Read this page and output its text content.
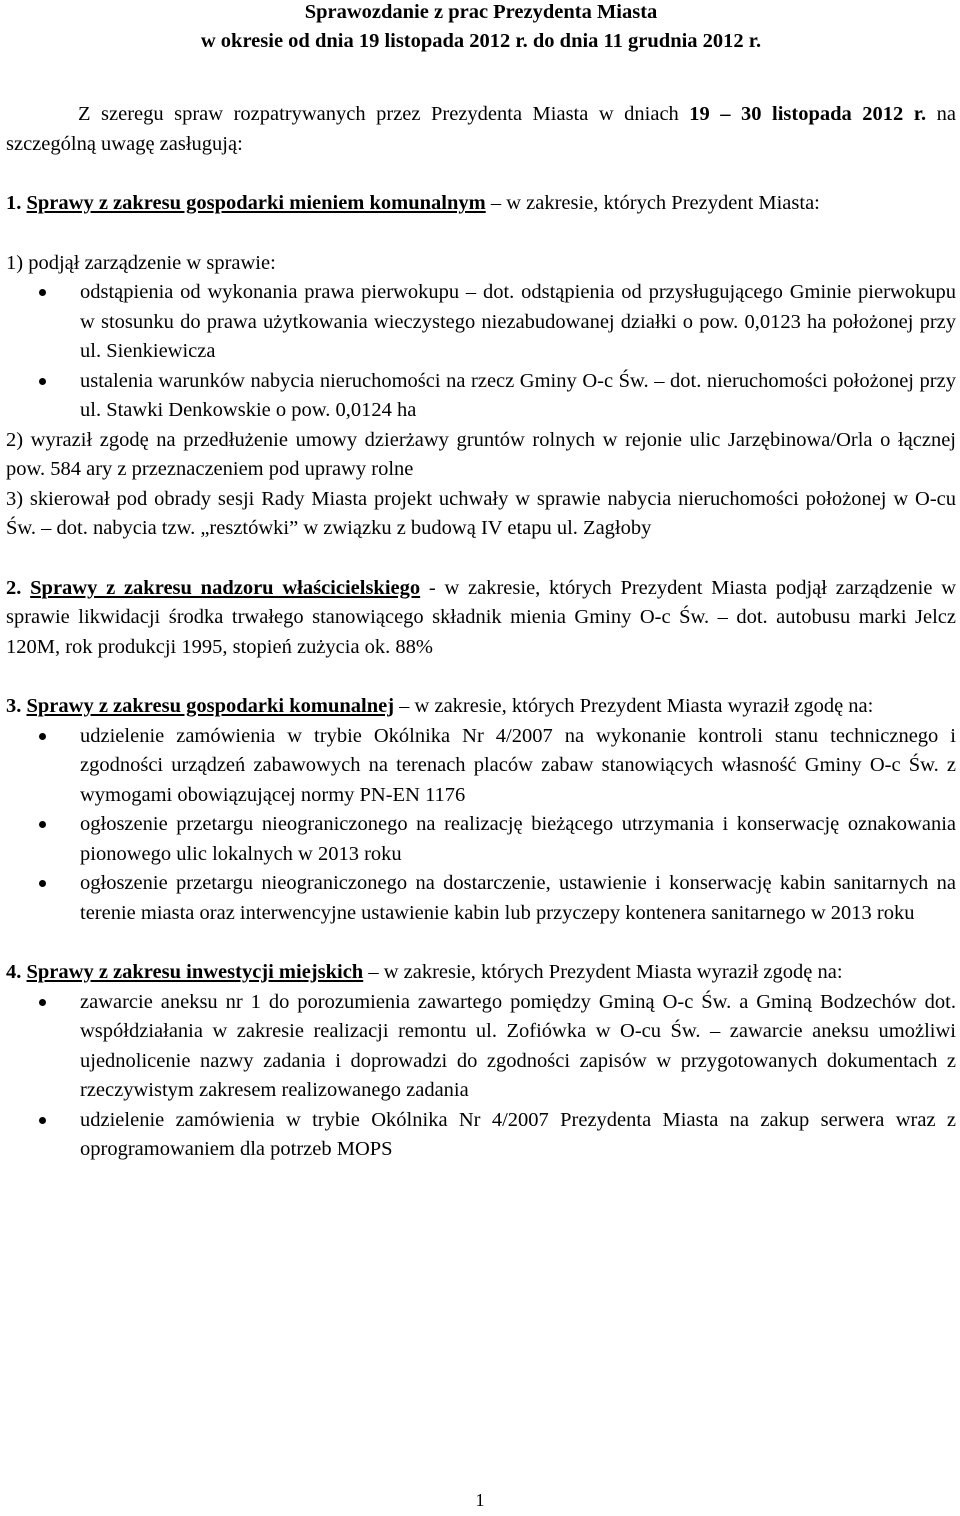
Sprawozdanie z prac Prezydenta Miasta
w okresie od dnia 19 listopada 2012 r. do dnia 11 grudnia 2012 r.

Z szeregu spraw rozpatrywanych przez Prezydenta Miasta w dniach 19 – 30 listopada 2012 r. na szczególną uwagę zasługują:

1. Sprawy z zakresu gospodarki mieniem komunalnym – w zakresie, których Prezydent Miasta:

1) podjął zarządzenie w sprawie:

odstąpienia od wykonania prawa pierwokupu – dot. odstąpienia od przysługującego Gminie pierwokupu w stosunku do prawa użytkowania wieczystego niezabudowanej działki o pow. 0,0123 ha położonej przy ul. Sienkiewicza
ustalenia warunków nabycia nieruchomości na rzecz Gminy O-c Św. – dot. nieruchomości położonej przy ul. Stawki Denkowskie o pow. 0,0124 ha

2) wyraził zgodę na przedłużenie umowy dzierżawy gruntów rolnych w rejonie ulic Jarzębinowa/Orla o łącznej pow. 584 ary z przeznaczeniem pod uprawy rolne

3) skierował pod obrady sesji Rady Miasta projekt uchwały w sprawie nabycia nieruchomości położonej w O-cu Św. – dot. nabycia tzw. „resztówki” w związku z budową IV etapu ul. Zagłoby

2. Sprawy z zakresu nadzoru właścicielskiego - w zakresie, których Prezydent Miasta podjął zarządzenie w sprawie likwidacji środka trwałego stanowiącego składnik mienia Gminy O-c Św. – dot. autobusu marki Jelcz 120M, rok produkcji 1995, stopień zużycia ok. 88%

3. Sprawy z zakresu gospodarki komunalnej – w zakresie, których Prezydent Miasta wyraził zgodę na:

udzielenie zamówienia w trybie Okólnika Nr 4/2007 na wykonanie kontroli stanu technicznego i zgodności urządzeń zabawowych na terenach placów zabaw stanowiących własność Gminy O-c Św. z wymogami obowiązującej normy PN-EN 1176
ogłoszenie przetargu nieograniczonego na realizację bieżącego utrzymania i konserwację oznakowania pionowego ulic lokalnych w 2013 roku
ogłoszenie przetargu nieograniczonego na dostarczenie, ustawienie i konserwację kabin sanitarnych na terenie miasta oraz interwencyjne ustawienie kabin lub przyczepy kontenera sanitarnego w 2013 roku

4. Sprawy z zakresu inwestycji miejskich – w zakresie, których Prezydent Miasta wyraził zgodę na:

zawarcie aneksu nr 1 do porozumienia zawartego pomiędzy Gminą O-c Św. a Gminą Bodzechów dot. współdziałania w zakresie realizacji remontu ul. Zofiówka w O-cu Św. – zawarcie aneksu umożliwi ujednolicenie nazwy zadania i doprowadzi do zgodności zapisów w przygotowanych dokumentach z rzeczywistym zakresem realizowanego zadania
udzielenie zamówienia w trybie Okólnika Nr 4/2007 Prezydenta Miasta na zakup serwera wraz z oprogramowaniem dla potrzeb MOPS
1
